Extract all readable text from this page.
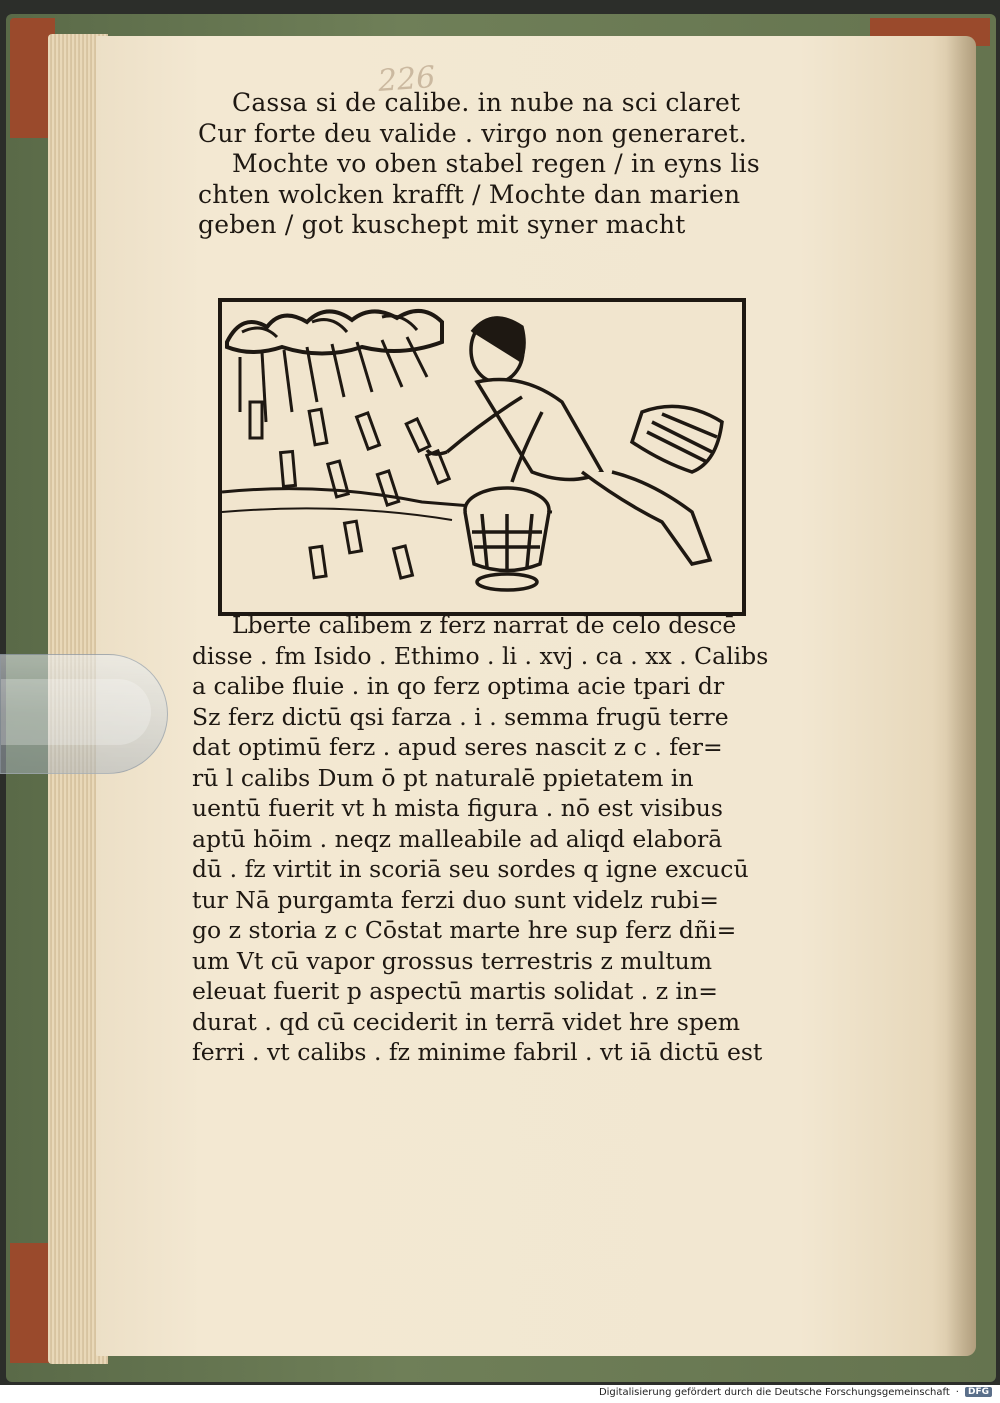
226
Cassa si de calibe. in nube na sci claret
Cur forte deu valide . virgo non generaret.
Mochte vo oben stabel regen / in eyns lis
chten wolcken krafft / Mochte dan marien
geben / got kuschept mit syner macht
Lberte calibem z ferz narrat de celo descē
disse . fm Isido . Ethimo . li . xvj . ca . xx . Calibs
a calibe fluie . in qo ferz optima acie tpari dr
Sz ferz dictū qsi farza . i . semma frugū terre
dat optimū ferz . apud seres nascit z c . fer=
rū l calibs Dum ō pt naturalē ppietatem in
uentū fuerit vt h mista figura . nō est visibus
aptū hōim . neqz malleabile ad aliqd elaborā
dū . fz virtit in scoriā seu sordes q igne excucū
tur Nā purgamta ferzi duo sunt videlz rubi=
go z storia z c Cōstat marte hre sup ferz dñi=
um Vt cū vapor grossus terrestris z multum
eleuat fuerit p aspectū martis solidat . z in=
durat . qd cū ceciderit in terrā videt hre spem
ferri . vt calibs . fz minime fabril . vt iā dictū est
Digitalisierung gefördert durch die Deutsche Forschungsgemeinschaft ·	DFG
